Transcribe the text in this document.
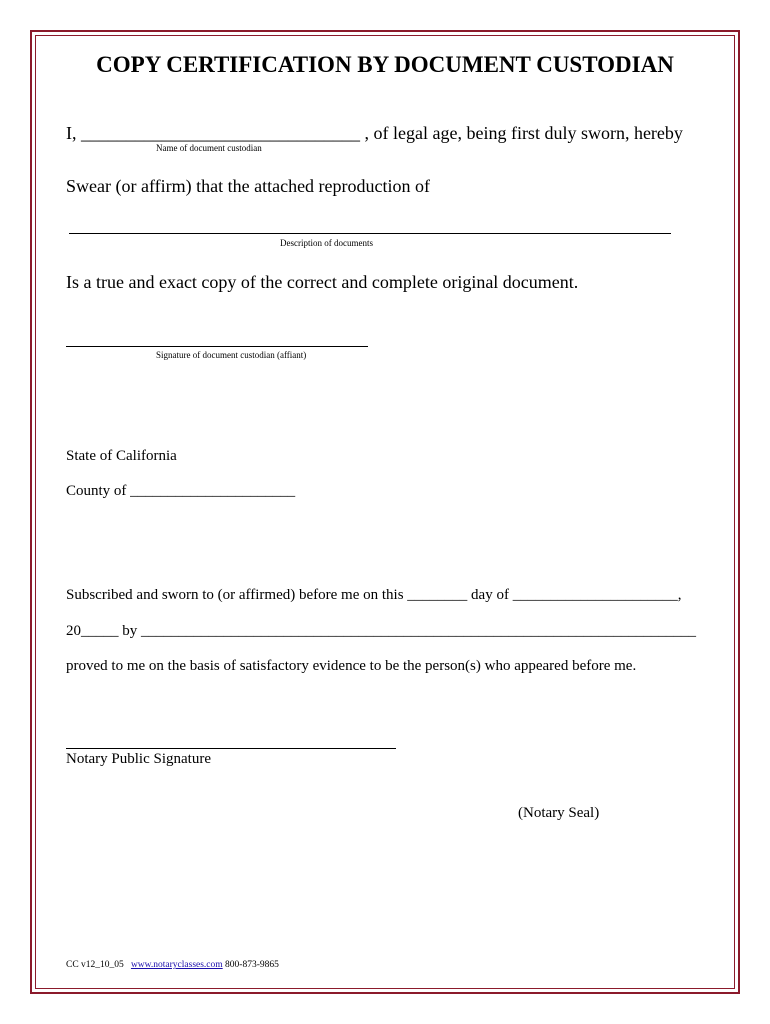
COPY CERTIFICATION BY DOCUMENT CUSTODIAN
I, _______________________________ , of legal age, being first duly sworn, hereby
Name of document custodian
Swear (or affirm) that the attached reproduction of
Description of documents
Is a true and exact copy of the correct and complete original document.
Signature of document custodian (affiant)
State of California
County of ______________________
Subscribed and sworn to (or affirmed) before me on this ________ day of ______________________,
20_____ by __________________________________________________________________________
proved to me on the basis of satisfactory evidence to be the person(s) who appeared before me.
Notary Public Signature
(Notary Seal)
CC v12_10_05 www.notaryclasses.com 800-873-9865
